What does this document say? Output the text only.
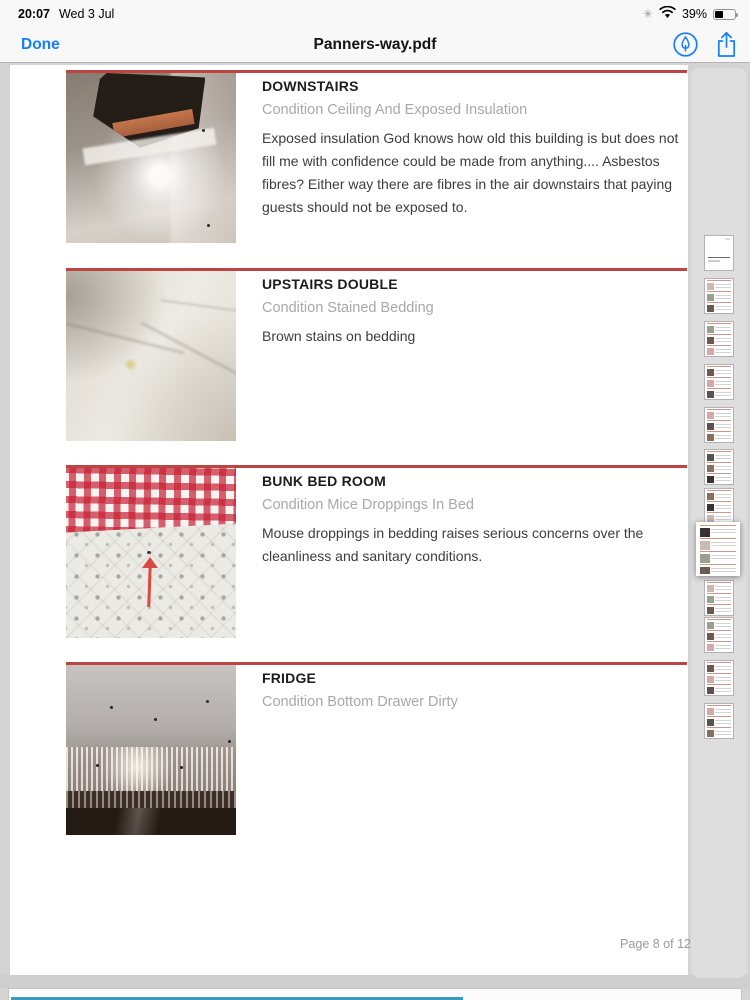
20:07 Wed 3 Jul	✳ 39%
Done	Panners-way.pdf
DOWNSTAIRS
Condition Ceiling And Exposed Insulation
Exposed insulation God knows how old this building is but does not fill me with confidence could be made from anything.... Asbestos fibres? Either way there are fibres in the air downstairs that paying guests should not be exposed to.
UPSTAIRS DOUBLE
Condition Stained Bedding
Brown stains on bedding
BUNK BED ROOM
Condition Mice Droppings In Bed
Mouse droppings in bedding raises serious concerns over the cleanliness and sanitary conditions.
FRIDGE
Condition Bottom Drawer Dirty
Page 8 of 12
